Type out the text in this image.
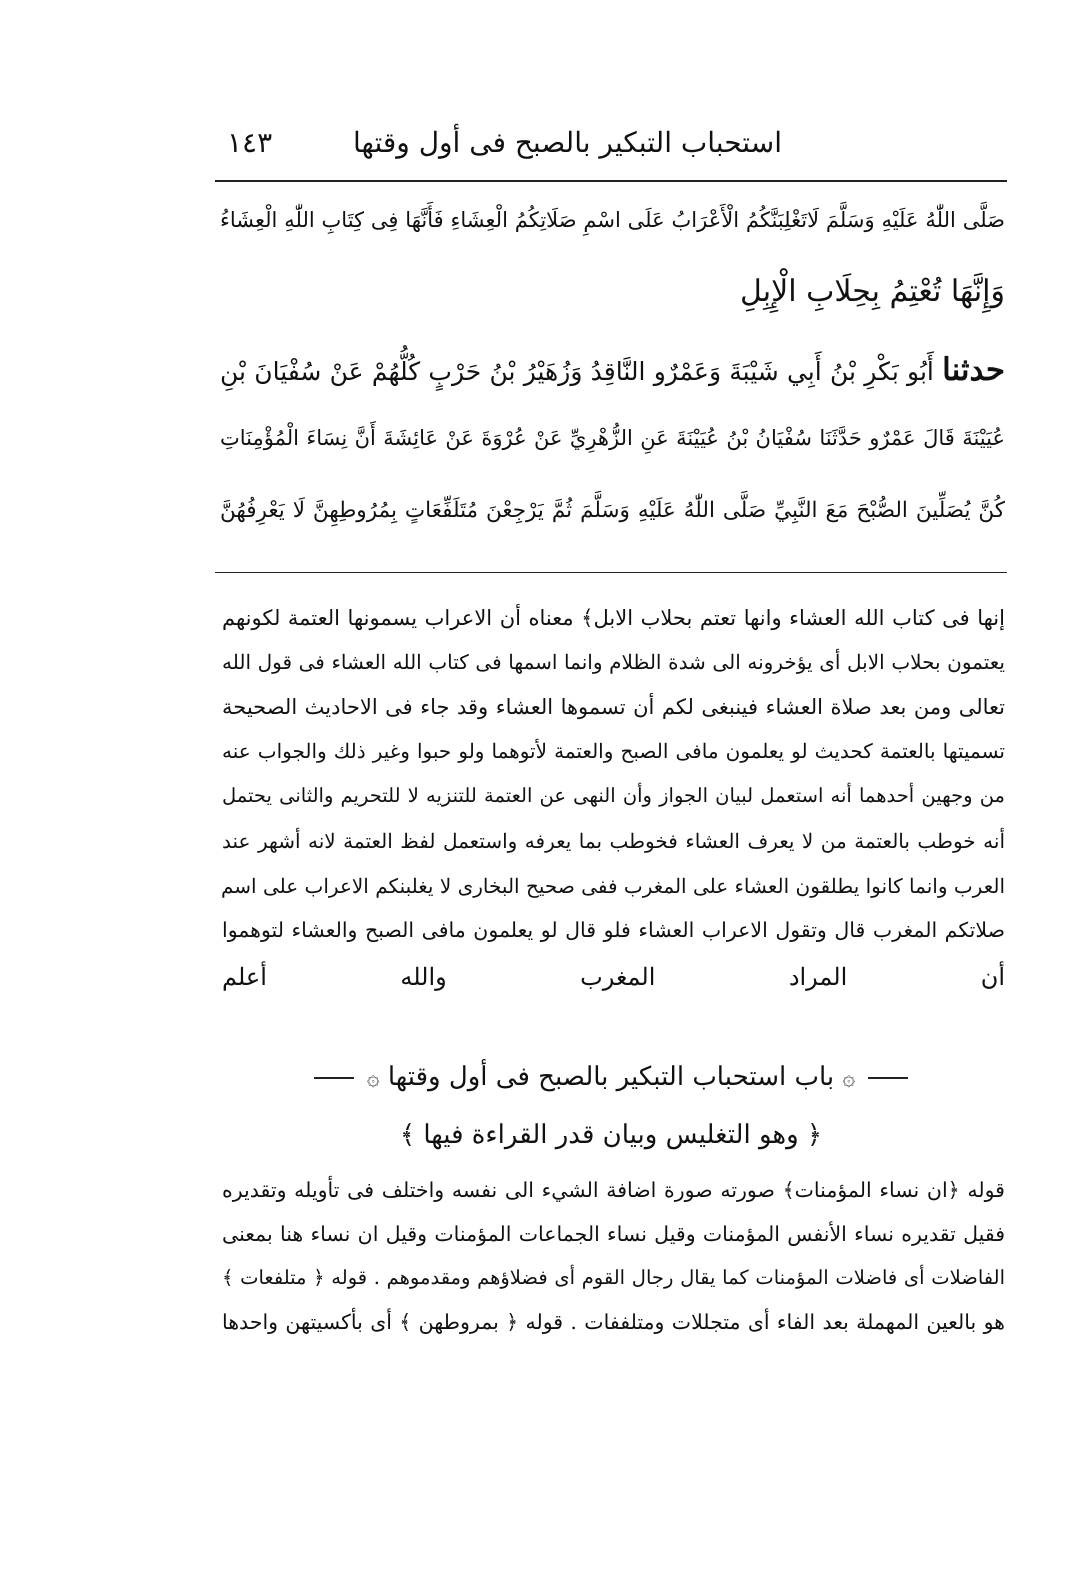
استحباب التبكير بالصبح فى أول وقتها
١٤٣
صَلَّى اللّٰهُ عَلَيْهِ وَسَلَّمَ لَاتَغْلِبَنَّكُمُ الْأَعْرَابُ عَلَى اسْمِ صَلَاتِكُمُ الْعِشَاءِ فَأَنَّهَا فِى كِتَابِ اللّٰهِ الْعِشَاءُ
وَإِنَّهَا تُعْتِمُ بِحِلَابِ الْإِبِلِ
حدثنا أَبُو بَكْرِ بْنُ أَبِي شَيْبَةَ وَعَمْرٌو النَّاقِدُ وَزُهَيْرُ بْنُ حَرْبٍ كُلُّهُمْ عَنْ سُفْيَانَ بْنِ
عُيَيْنَةَ قَالَ عَمْرٌو حَدَّثَنَا سُفْيَانُ بْنُ عُيَيْنَةَ عَنِ الزُّهْرِيِّ عَنْ عُرْوَةَ عَنْ عَائِشَةَ أَنَّ نِسَاءَ الْمُؤْمِنَاتِ
كُنَّ يُصَلِّينَ الصُّبْحَ مَعَ النَّبِيِّ صَلَّى اللّٰهُ عَلَيْهِ وَسَلَّمَ ثُمَّ يَرْجِعْنَ مُتَلَفِّعَاتٍ بِمُرُوطِهِنَّ لَا يَعْرِفُهُنَّ
إنها فى كتاب الله العشاء وانها تعتم بحلاب الابل﴾ معناه أن الاعراب يسمونها العتمة لكونهم
يعتمون بحلاب الابل أى يؤخرونه الى شدة الظلام وانما اسمها فى كتاب الله العشاء فى قول الله
تعالى ومن بعد صلاة العشاء فينبغى لكم أن تسموها العشاء وقد جاء فى الاحاديث الصحيحة
تسميتها بالعتمة كحديث لو يعلمون مافى الصبح والعتمة لأتوهما ولو حبوا وغير ذلك والجواب عنه
من وجهين أحدهما أنه استعمل لبيان الجواز وأن النهى عن العتمة للتنزيه لا للتحريم والثانى يحتمل
أنه خوطب بالعتمة من لا يعرف العشاء فخوطب بما يعرفه واستعمل لفظ العتمة لانه أشهر عند
العرب وانما كانوا يطلقون العشاء على المغرب ففى صحيح البخارى لا يغلبنكم الاعراب على اسم
صلاتكم المغرب قال وتقول الاعراب العشاء فلو قال لو يعلمون مافى الصبح والعشاء لتوهموا
أن المراد المغرب والله أعلم
۞ باب استحباب التبكير بالصبح فى أول وقتها ۞
﴿ وهو التغليس وبيان قدر القراءة فيها ﴾
قوله ﴿ان نساء المؤمنات﴾ صورته صورة اضافة الشيء الى نفسه واختلف فى تأويله وتقديره
فقيل تقديره نساء الأنفس المؤمنات وقيل نساء الجماعات المؤمنات وقيل ان نساء هنا بمعنى
الفاضلات أى فاضلات المؤمنات كما يقال رجال القوم أى فضلاؤهم ومقدموهم . قوله ﴿ متلفعات ﴾
هو بالعين المهملة بعد الفاء أى متجللات ومتلففات . قوله ﴿ بمروطهن ﴾ أى بأكسيتهن واحدها
